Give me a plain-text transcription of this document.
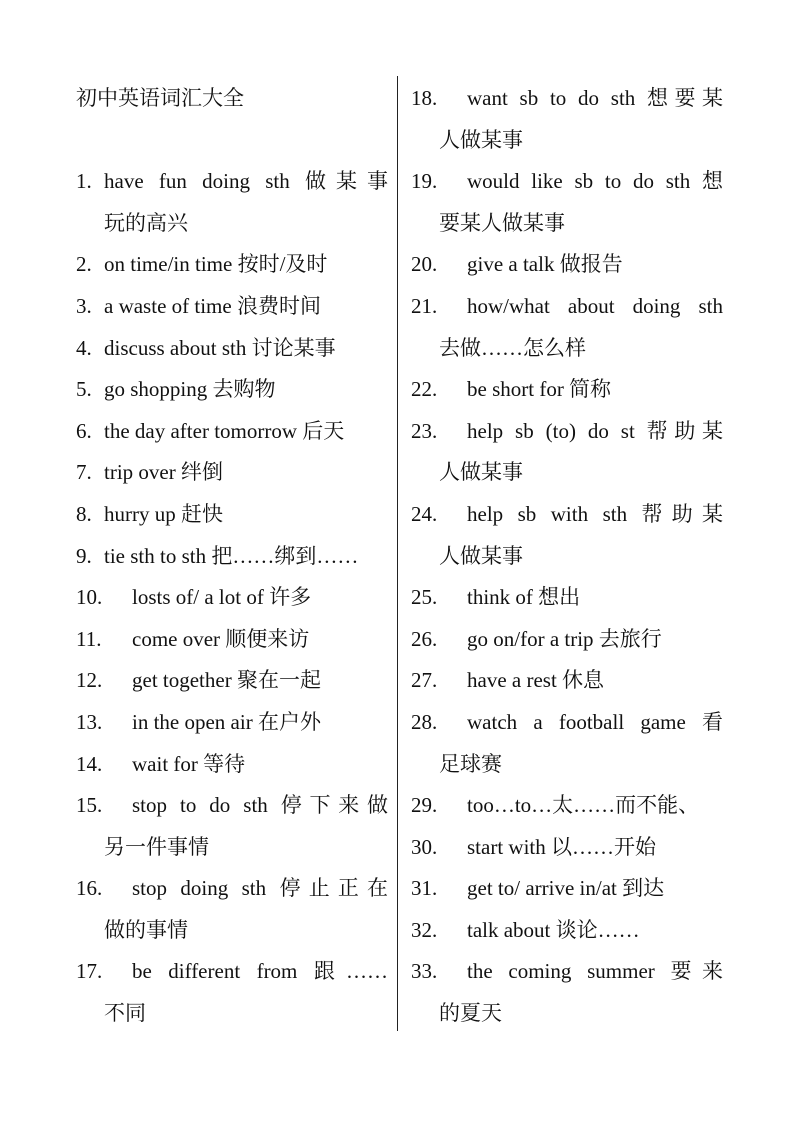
初中英语词汇大全
1. have fun doing sth 做某事
玩的高兴
2. on time/in time 按时/及时
3. a waste of time 浪费时间
4. discuss about sth 讨论某事
5. go shopping 去购物
6. the day after tomorrow 后天
7. trip over 绊倒
8. hurry up 赶快
9. tie sth to sth 把……绑到……
10. losts of/ a lot of 许多
11. come over 顺便来访
12. get together 聚在一起
13. in the open air 在户外
14. wait for 等待
15. stop to do sth 停下来做
另一件事情
16. stop doing sth 停止正在
做的事情
17. be different from 跟……
不同
18. want sb to do sth 想要某
人做某事
19. would like sb to do sth 想
要某人做某事
20. give a talk 做报告
21. how/what about doing sth
去做……怎么样
22. be short for 简称
23. help sb (to) do st 帮助某
人做某事
24. help sb with sth 帮助某
人做某事
25. think of 想出
26. go on/for a trip 去旅行
27. have a rest 休息
28. watch a football game 看
足球赛
29. too…to…太……而不能、
30. start with 以……开始
31. get to/ arrive in/at 到达
32. talk about 谈论……
33. the coming summer 要来
的夏天
